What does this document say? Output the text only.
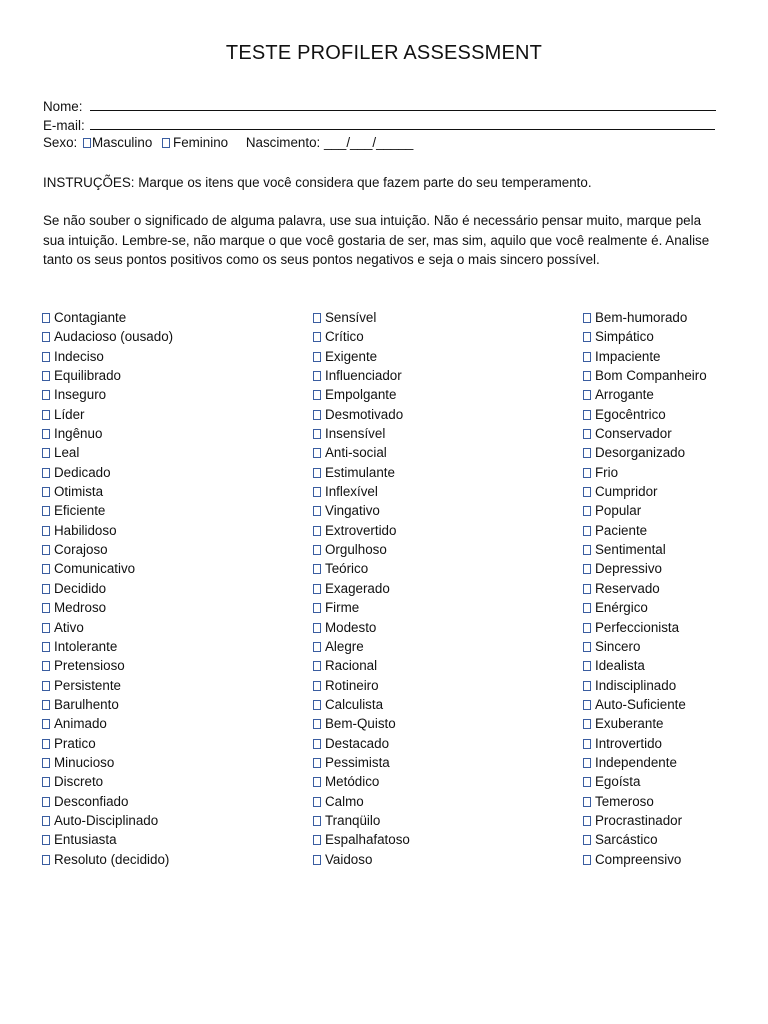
TESTE PROFILER ASSESSMENT
Nome:
E-mail:
Sexo: Masculino Feminino Nascimento: ___/___/_____
INSTRUÇÕES: Marque os itens que você considera que fazem parte do seu temperamento.
Se não souber o significado de alguma palavra, use sua intuição. Não é necessário pensar muito, marque pela sua intuição. Lembre-se, não marque o que você gostaria de ser, mas sim, aquilo que você realmente é. Analise tanto os seus pontos positivos como os seus pontos negativos e seja o mais sincero possível.
Contagiante
Audacioso (ousado)
Indeciso
Equilibrado
Inseguro
Líder
Ingênuo
Leal
Dedicado
Otimista
Eficiente
Habilidoso
Corajoso
Comunicativo
Decidido
Medroso
Ativo
Intolerante
Pretensioso
Persistente
Barulhento
Animado
Pratico
Minucioso
Discreto
Desconfiado
Auto-Disciplinado
Entusiasta
Resoluto (decidido)
Sensível
Crítico
Exigente
Influenciador
Empolgante
Desmotivado
Insensível
Anti-social
Estimulante
Inflexível
Vingativo
Extrovertido
Orgulhoso
Teórico
Exagerado
Firme
Modesto
Alegre
Racional
Rotineiro
Calculista
Bem-Quisto
Destacado
Pessimista
Metódico
Calmo
Tranqüilo
Espalhafatoso
Vaidoso
Bem-humorado
Simpático
Impaciente
Bom Companheiro
Arrogante
Egocêntrico
Conservador
Desorganizado
Frio
Cumpridor
Popular
Paciente
Sentimental
Depressivo
Reservado
Enérgico
Perfeccionista
Sincero
Idealista
Indisciplinado
Auto-Suficiente
Exuberante
Introvertido
Independente
Egoísta
Temeroso
Procrastinador
Sarcástico
Compreensivo
